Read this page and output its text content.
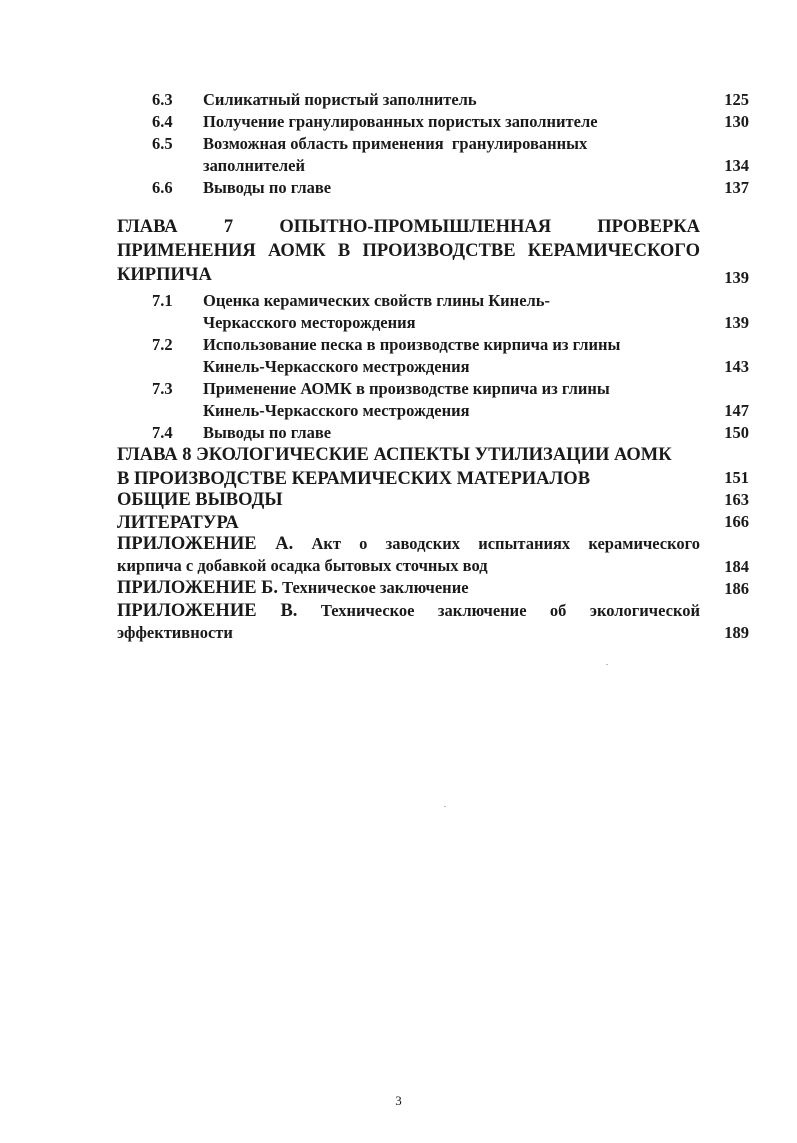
6.3 Силикатный пористый заполнитель	125
6.4 Получение гранулированных пористых заполнителе	130
6.5 Возможная область применения  гранулированных
заполнителей	134
6.6 Выводы по главе	137
ГЛАВА 7 ОПЫТНО-ПРОМЫШЛЕННАЯ ПРОВЕРКА
ПРИМЕНЕНИЯ АОМК В ПРОИЗВОДСТВЕ КЕРАМИЧЕСКОГО
КИРПИЧА	139
7.1 Оценка керамических свойств глины Кинель-
Черкасского месторождения	139
7.2 Использование песка в производстве кирпича из глины
Кинель-Черкасского местрождения	143
7.3 Применение АОМК в производстве кирпича из глины
Кинель-Черкасского местрождения	147
7.4 Выводы по главе	150
ГЛАВА 8 ЭКОЛОГИЧЕСКИЕ АСПЕКТЫ УТИЛИЗАЦИИ АОМК
В ПРОИЗВОДСТВЕ КЕРАМИЧЕСКИХ МАТЕРИАЛОВ	151
ОБЩИЕ ВЫВОДЫ	163
ЛИТЕРАТУРА	166
ПРИЛОЖЕНИЕ А. Акт о заводских испытаниях керамического
кирпича с добавкой осадка бытовых сточных вод	184
ПРИЛОЖЕНИЕ Б. Техническое заключение	186
ПРИЛОЖЕНИЕ В. Техническое заключение об экологической
эффективности	189
3
